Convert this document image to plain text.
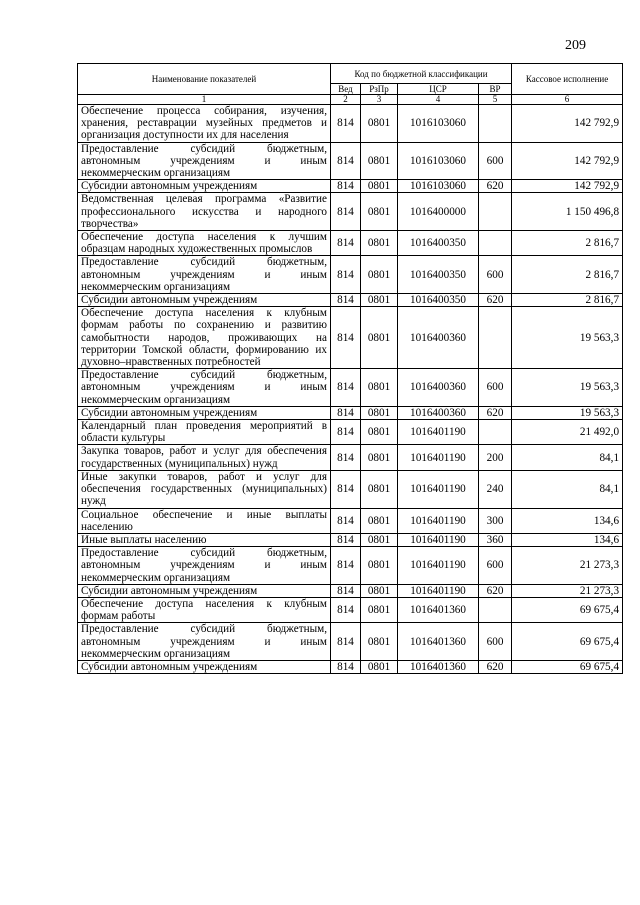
209
Наименование показателей	Код по бюджетной классификации				Кассовое исполнение
	Вед	РзПр	ЦСР	ВР	
1	2	3	4	5	6
Обеспечение процесса собирания, изучения, хранения, реставрации музейных предметов и организация доступности их для населения	814	0801	1016103060		142 792,9
Предоставление субсидий бюджетным, автономным учреждениям и иным некоммерческим организациям	814	0801	1016103060	600	142 792,9
Субсидии автономным учреждениям	814	0801	1016103060	620	142 792,9
Ведомственная целевая программа «Развитие профессионального искусства и народного творчества»	814	0801	1016400000		1 150 496,8
Обеспечение доступа населения к лучшим образцам народных художественных промыслов	814	0801	1016400350		2 816,7
Предоставление субсидий бюджетным, автономным учреждениям и иным некоммерческим организациям	814	0801	1016400350	600	2 816,7
Субсидии автономным учреждениям	814	0801	1016400350	620	2 816,7
Обеспечение доступа населения к клубным формам работы по сохранению и развитию самобытности народов, проживающих на территории Томской области, формированию их духовно–нравственных потребностей	814	0801	1016400360		19 563,3
Предоставление субсидий бюджетным, автономным учреждениям и иным некоммерческим организациям	814	0801	1016400360	600	19 563,3
Субсидии автономным учреждениям	814	0801	1016400360	620	19 563,3
Календарный план проведения мероприятий в области культуры	814	0801	1016401190		21 492,0
Закупка товаров, работ и услуг для обеспечения государственных (муниципальных) нужд	814	0801	1016401190	200	84,1
Иные закупки товаров, работ и услуг для обеспечения государственных (муниципальных) нужд	814	0801	1016401190	240	84,1
Социальное обеспечение и иные выплаты населению	814	0801	1016401190	300	134,6
Иные выплаты населению	814	0801	1016401190	360	134,6
Предоставление субсидий бюджетным, автономным учреждениям и иным некоммерческим организациям	814	0801	1016401190	600	21 273,3
Субсидии автономным учреждениям	814	0801	1016401190	620	21 273,3
Обеспечение доступа населения к клубным формам работы	814	0801	1016401360		69 675,4
Предоставление субсидий бюджетным, автономным учреждениям и иным некоммерческим организациям	814	0801	1016401360	600	69 675,4
Субсидии автономным учреждениям	814	0801	1016401360	620	69 675,4
